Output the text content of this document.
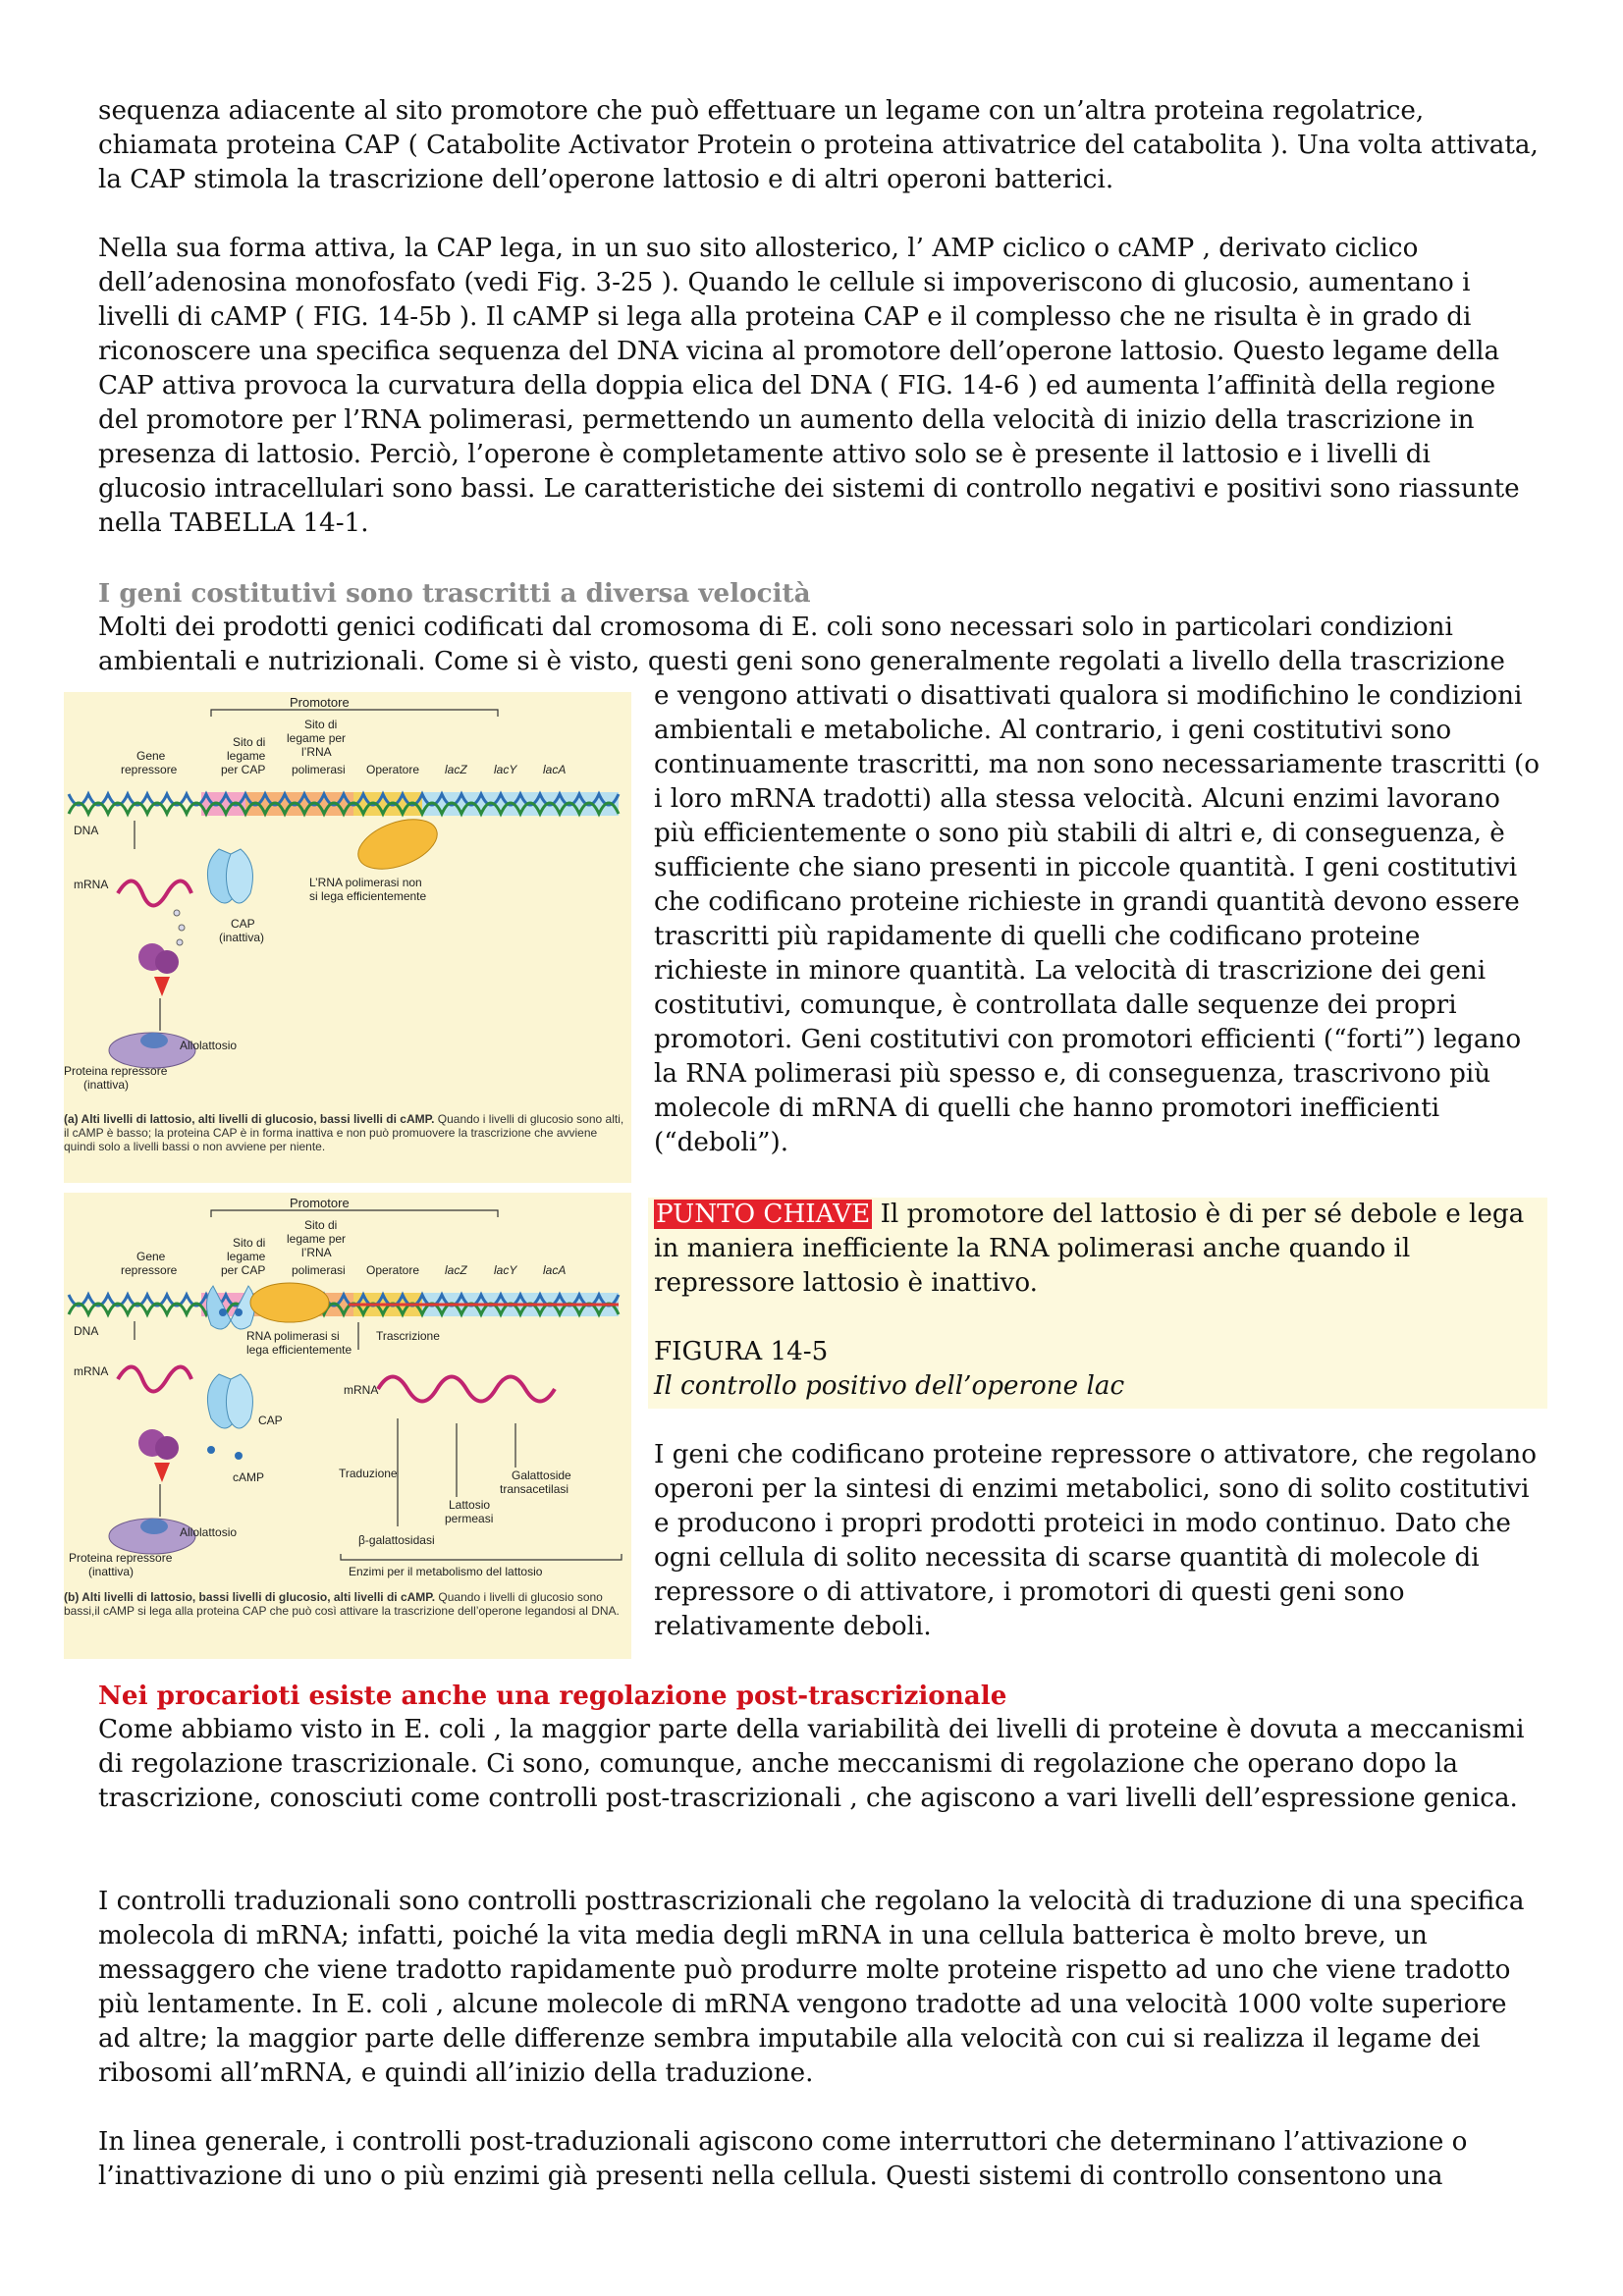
sequenza adiacente al sito promotore che può effettuare un legame con un’altra proteina regolatrice, chiamata proteina CAP ( Catabolite Activator Protein o proteina attivatrice del catabolita ). Una volta attivata, la CAP stimola la trascrizione dell’operone lattosio e di altri operoni batterici.

Nella sua forma attiva, la CAP lega, in un suo sito allosterico, l’ AMP ciclico o cAMP , derivato ciclico dell’adenosina monofosfato (vedi Fig. 3-25 ). Quando le cellule si impoveriscono di glucosio, aumentano i livelli di cAMP ( FIG. 14-5b ). Il cAMP si lega alla proteina CAP e il complesso che ne risulta è in grado di riconoscere una specifica sequenza del DNA vicina al promotore dell’operone lattosio. Questo legame della CAP attiva provoca la curvatura della doppia elica del DNA ( FIG. 14-6 ) ed aumenta l’affinità della regione del promotore per l’RNA polimerasi, permettendo un aumento della velocità di inizio della trascrizione in presenza di lattosio. Perciò, l’operone è completamente attivo solo se è presente il lattosio e i livelli di glucosio intracellulari sono bassi. Le caratteristiche dei sistemi di controllo negativi e positivi sono riassunte nella TABELLA 14-1.

I geni costitutivi sono trascritti a diversa velocità

Molti dei prodotti genici codificati dal cromosoma di E. coli sono necessari solo in particolari condizioni ambientali e nutrizionali. Come si è visto, questi geni sono generalmente regolati a livello della trascrizione

e vengono attivati o disattivati qualora si modifichino le condizioni ambientali e metaboliche. Al contrario, i geni costitutivi sono continuamente trascritti, ma non sono necessariamente trascritti (o i loro mRNA tradotti) alla stessa velocità. Alcuni enzimi lavorano più efficientemente o sono più stabili di altri e, di conseguenza, è sufficiente che siano presenti in piccole quantità. I geni costitutivi che codificano proteine richieste in grandi quantità devono essere trascritti più rapidamente di quelli che codificano proteine richieste in minore quantità. La velocità di trascrizione dei geni costitutivi, comunque, è controllata dalle sequenze dei propri promotori. Geni costitutivi con promotori efficienti (“forti”) legano la RNA polimerasi più spesso e, di conseguenza, trascrivono più molecole di mRNA di quelli che hanno promotori inefficienti (“deboli”).

PUNTO CHIAVE Il promotore del lattosio è di per sé debole e lega in maniera inefficiente la RNA polimerasi anche quando il repressore lattosio è inattivo.

FIGURA 14-5

Il controllo positivo dell’operone lac

I geni che codificano proteine repressore o attivatore, che regolano operoni per la sintesi di enzimi metabolici, sono di solito costitutivi e producono i propri prodotti proteici in modo continuo. Dato che ogni cellula di solito necessita di scarse quantità di molecole di repressore o di attivatore, i promotori di questi geni sono relativamente deboli.

Nei procarioti esiste anche una regolazione post-trascrizionale

Come abbiamo visto in E. coli , la maggior parte della variabilità dei livelli di proteine è dovuta a meccanismi di regolazione trascrizionale. Ci sono, comunque, anche meccanismi di regolazione che operano dopo la trascrizione, conosciuti come controlli post-trascrizionali , che agiscono a vari livelli dell’espressione genica.

I controlli traduzionali sono controlli posttrascrizionali che regolano la velocità di traduzione di una specifica molecola di mRNA; infatti, poiché la vita media degli mRNA in una cellula batterica è molto breve, un messaggero che viene tradotto rapidamente può produrre molte proteine rispetto ad uno che viene tradotto più lentamente. In E. coli , alcune molecole di mRNA vengono tradotte ad una velocità 1000 volte superiore ad altre; la maggior parte delle differenze sembra imputabile alla velocità con cui si realizza il legame dei ribosomi all’mRNA, e quindi all’inizio della traduzione.

In linea generale, i controlli post-traduzionali agiscono come interruttori che determinano l’attivazione o l’inattivazione di uno o più enzimi già presenti nella cellula. Questi sistemi di controllo consentono una

Promotore
Sito di legame per l’RNA
Sito di legame per CAP polimerasi
Gene repressore	Operatore lacZ lacY lacA
DNA
mRNA
Allolattosio
Proteina repressore (inattiva)
CAP (inattiva)
L’RNA polimerasi non si lega efficientemente
(a) Alti livelli di lattosio, alti livelli di glucosio, bassi livelli di cAMP. Quando i livelli di glucosio sono alti, il cAMP è basso; la proteina CAP è in forma inattiva e non può promuovere la trascrizione che avviene quindi solo a livelli bassi o non avviene per niente.
Promotore
Sito di legame per l’RNA
Sito di legame per CAP polimerasi
Gene repressore	Operatore lacZ lacY lacA
DNA	RNA polimerasi si lega efficientemente
Trascrizione
mRNA
Allolattosio
Proteina repressore (inattiva)
CAP
cAMP
mRNA
Traduzione	Galattoside transacetilasi
Lattosio permeasi
β-galattosidasi
Enzimi per il metabolismo del lattosio
(b) Alti livelli di lattosio, bassi livelli di glucosio, alti livelli di cAMP. Quando i livelli di glucosio sono bassi,il cAMP si lega alla proteina CAP che può così attivare la trascrizione dell’operone legandosi al DNA.
